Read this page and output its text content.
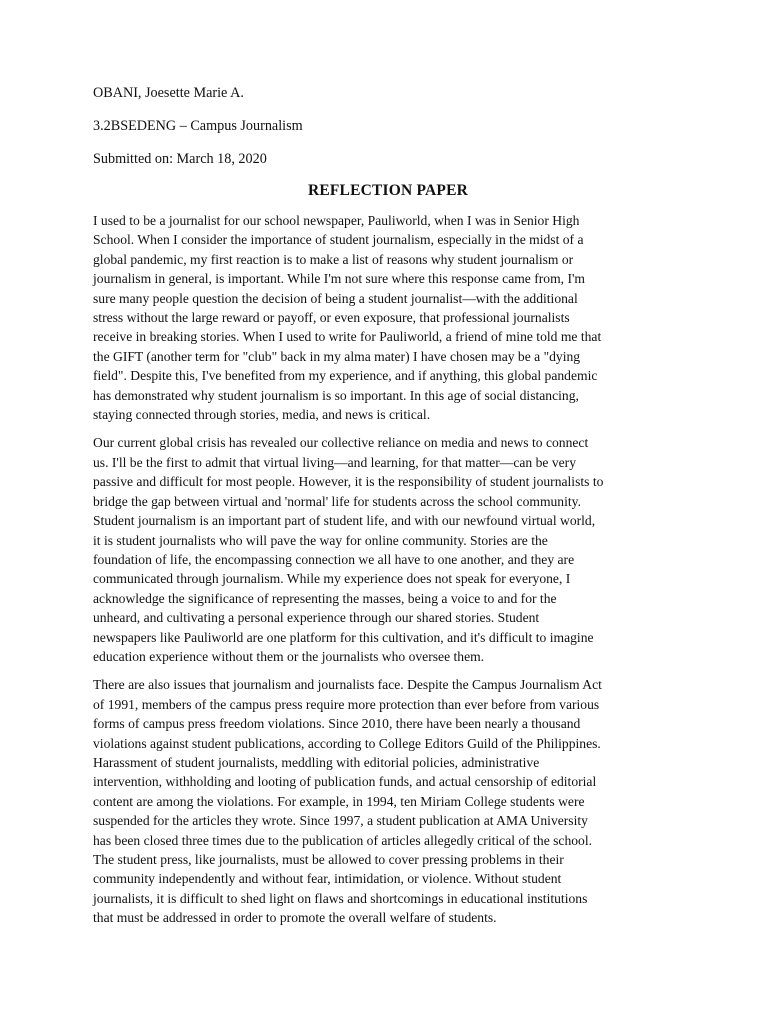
OBANI, Joesette Marie A.
3.2BSEDENG – Campus Journalism
Submitted on: March 18, 2020
REFLECTION PAPER
I used to be a journalist for our school newspaper, Pauliworld, when I was in Senior High
School. When I consider the importance of student journalism, especially in the midst of a
global pandemic, my first reaction is to make a list of reasons why student journalism or
journalism in general, is important. While I'm not sure where this response came from, I'm
sure many people question the decision of being a student journalist—with the additional
stress without the large reward or payoff, or even exposure, that professional journalists
receive in breaking stories. When I used to write for Pauliworld, a friend of mine told me that
the GIFT (another term for "club" back in my alma mater) I have chosen may be a "dying
field". Despite this, I've benefited from my experience, and if anything, this global pandemic
has demonstrated why student journalism is so important. In this age of social distancing,
staying connected through stories, media, and news is critical.
Our current global crisis has revealed our collective reliance on media and news to connect
us. I'll be the first to admit that virtual living—and learning, for that matter—can be very
passive and difficult for most people. However, it is the responsibility of student journalists to
bridge the gap between virtual and 'normal' life for students across the school community.
Student journalism is an important part of student life, and with our newfound virtual world,
it is student journalists who will pave the way for online community. Stories are the
foundation of life, the encompassing connection we all have to one another, and they are
communicated through journalism. While my experience does not speak for everyone, I
acknowledge the significance of representing the masses, being a voice to and for the
unheard, and cultivating a personal experience through our shared stories. Student
newspapers like Pauliworld are one platform for this cultivation, and it's difficult to imagine
education experience without them or the journalists who oversee them.
There are also issues that journalism and journalists face. Despite the Campus Journalism Act
of 1991, members of the campus press require more protection than ever before from various
forms of campus press freedom violations. Since 2010, there have been nearly a thousand
violations against student publications, according to College Editors Guild of the Philippines.
Harassment of student journalists, meddling with editorial policies, administrative
intervention, withholding and looting of publication funds, and actual censorship of editorial
content are among the violations. For example, in 1994, ten Miriam College students were
suspended for the articles they wrote. Since 1997, a student publication at AMA University
has been closed three times due to the publication of articles allegedly critical of the school.
The student press, like journalists, must be allowed to cover pressing problems in their
community independently and without fear, intimidation, or violence. Without student
journalists, it is difficult to shed light on flaws and shortcomings in educational institutions
that must be addressed in order to promote the overall welfare of students.
